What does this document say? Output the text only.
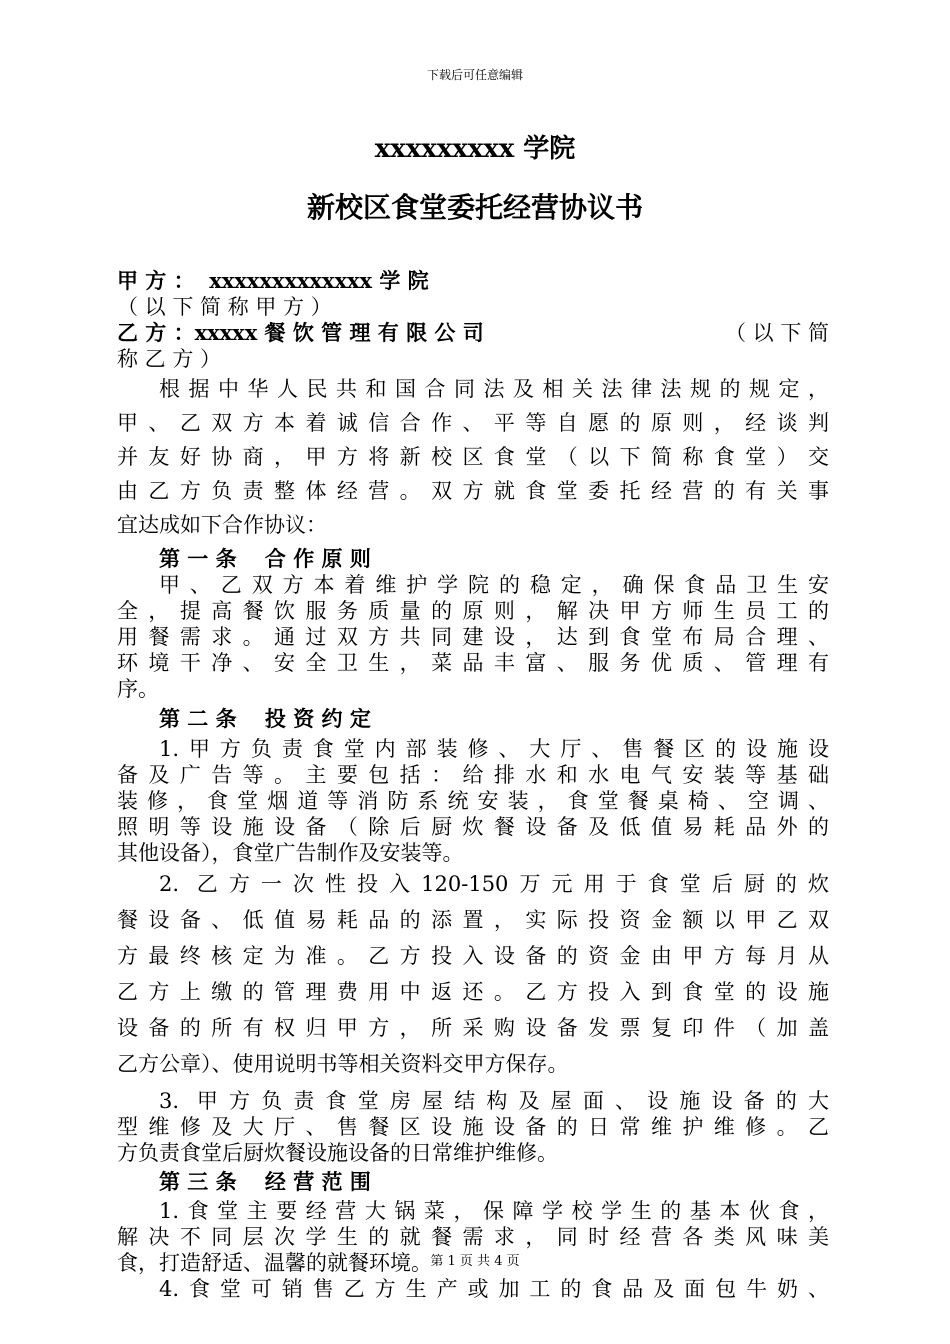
下载后可任意编辑
xxxxxxxxx 学院
新校区食堂委托经营协议书
甲 方 ： xxxxxxxxxxxxx 学 院
（ 以 下 简 称 甲 方 ）
乙 方 ：xxxxx 餐 饮 管 理 有 限 公 司	（ 以 下 简
称 乙 方 ）
根据中华人民共和国合同法及相关法律法规的规定，
甲、乙双方本着诚信合作、平等自愿的原则，经谈判
并友好协商，甲方将新校区食堂（以下简称食堂）交
由乙方负责整体经营。双方就食堂委托经营的有关事
宜达成如下合作协议：
第 一 条　 合 作 原 则
甲、乙双方本着维护学院的稳定，确保食品卫生安
全，提高餐饮服务质量的原则，解决甲方师生员工的
用餐需求。通过双方共同建设，达到食堂布局合理、
环境干净、安全卫生，菜品丰富、服务优质、管理有
序。
第 二 条　 投 资 约 定
1.甲方负责食堂内部装修、大厅、售餐区的设施设
备及广告等。主要包括：给排水和水电气安装等基础
装修，食堂烟道等消防系统安装，食堂餐桌椅、空调、
照明等设施设备（除后厨炊餐设备及低值易耗品外的
其他设备），食堂广告制作及安装等。
2. 乙方一次性投入120-150万元用于食堂后厨的炊
餐设备、低值易耗品的添置，实际投资金额以甲乙双
方最终核定为准。乙方投入设备的资金由甲方每月从
乙方上缴的管理费用中返还。乙方投入到食堂的设施
设备的所有权归甲方，所采购设备发票复印件（加盖
乙方公章）、使用说明书等相关资料交甲方保存。
3. 甲方负责食堂房屋结构及屋面、设施设备的大
型维修及大厅、售餐区设施设备的日常维护维修。乙
方负责食堂后厨炊餐设施设备的日常维护维修。
第 三 条　 经 营 范 围
1.食堂主要经营大锅菜，保障学校学生的基本伙食，
解决不同层次学生的就餐需求，同时经营各类风味美
食，打造舒适、温馨的就餐环境。
4.食堂可销售乙方生产或加工的食品及面包牛奶、
第 1 页 共 4 页
